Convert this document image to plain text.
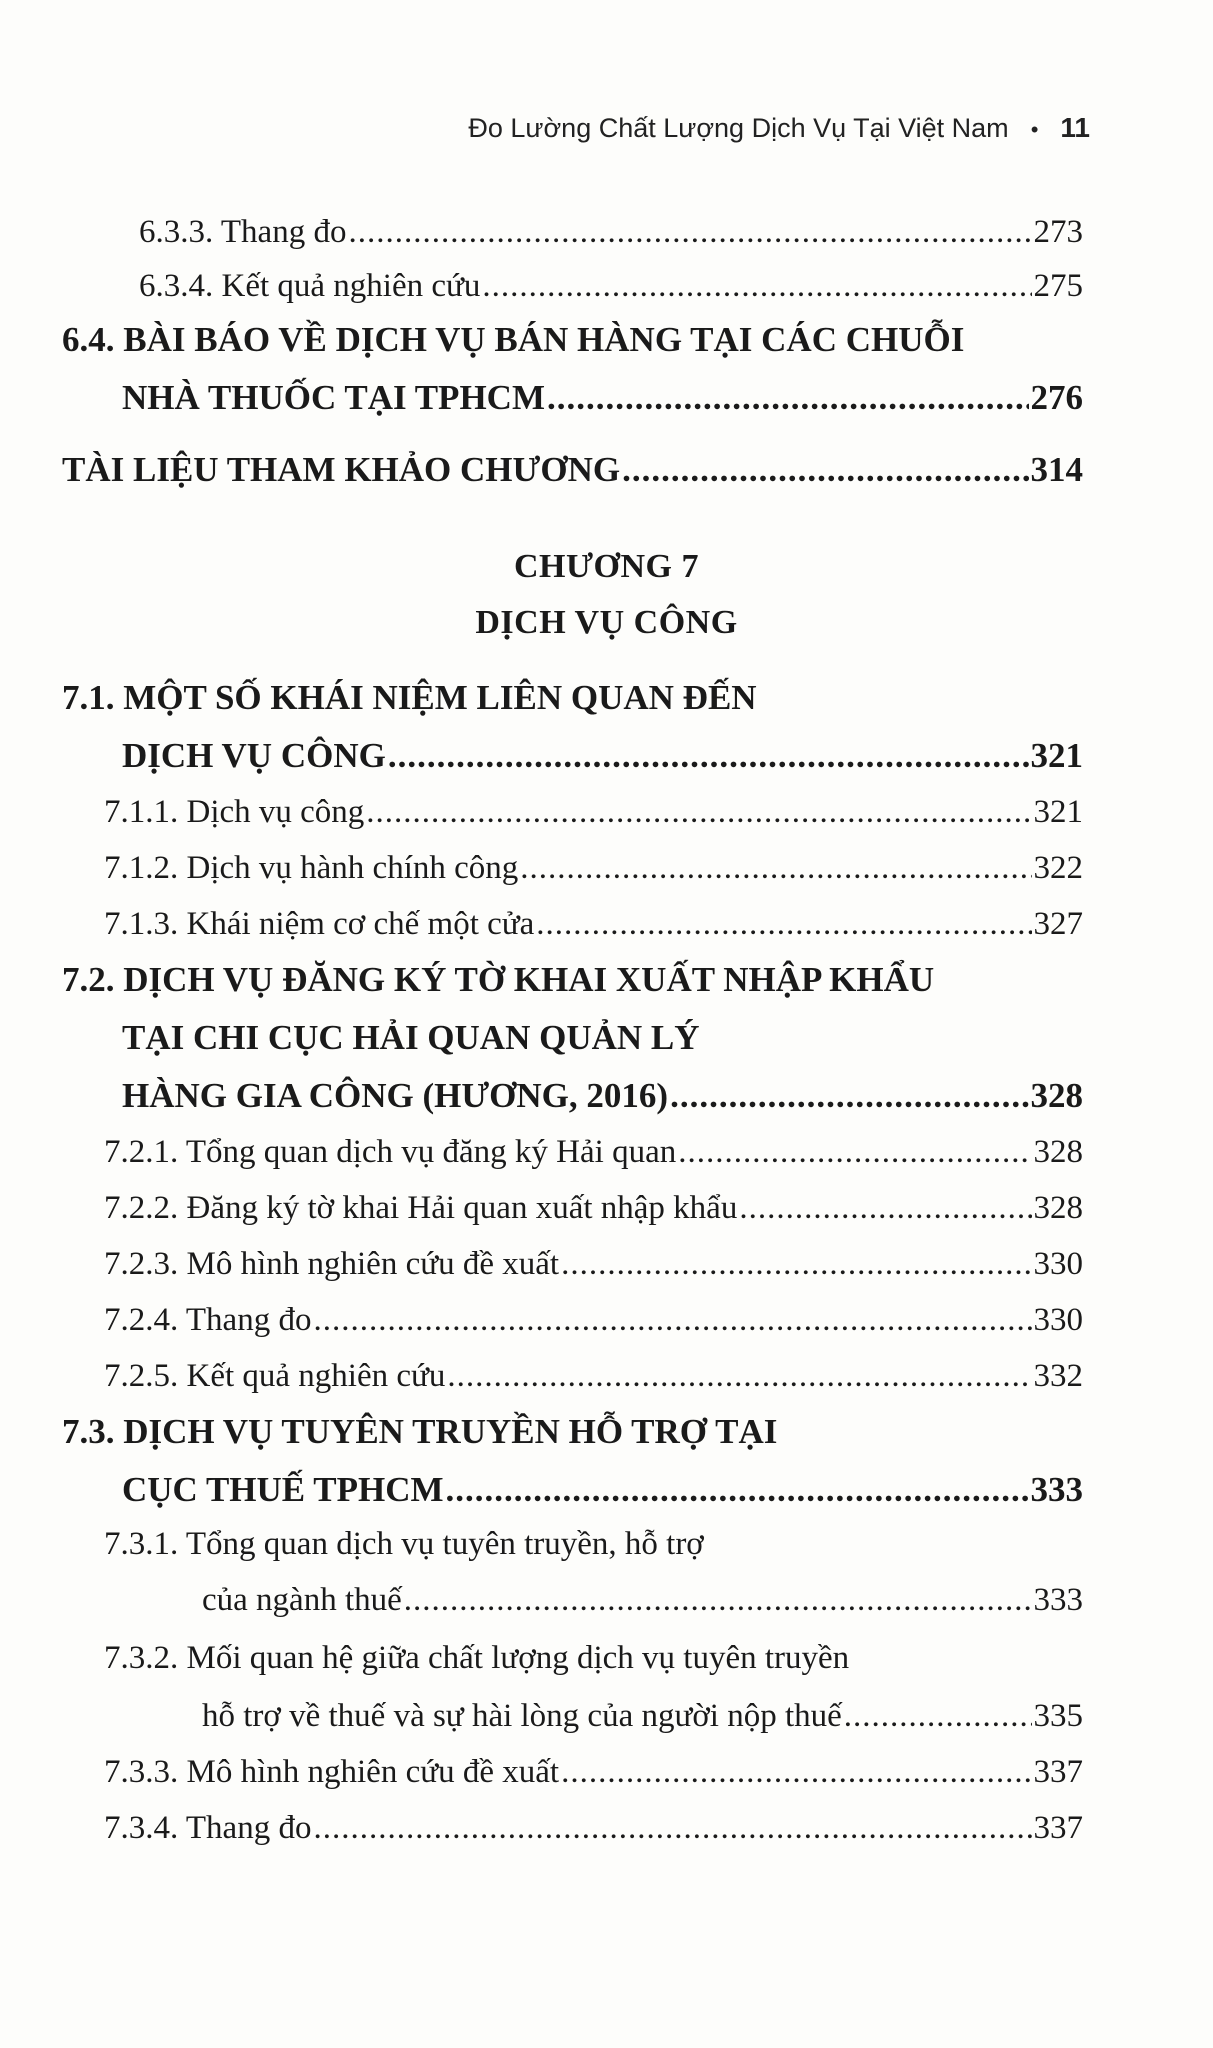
Đo Lường Chất Lượng Dịch Vụ Tại Việt Nam • 11
6.3.3. Thang đo .....	273
6.3.4. Kết quả nghiên cứu .....	275
6.4. BÀI BÁO VỀ DỊCH VỤ BÁN HÀNG TẠI CÁC CHUỖI
NHÀ THUỐC TẠI TPHCM .....	276
TÀI LIỆU THAM KHẢO CHƯƠNG .....	314
CHƯƠNG 7
DỊCH VỤ CÔNG
7.1. MỘT SỐ KHÁI NIỆM LIÊN QUAN ĐẾN
DỊCH VỤ CÔNG .....	321
7.1.1. Dịch vụ công .....	321
7.1.2. Dịch vụ hành chính công .....	322
7.1.3. Khái niệm cơ chế một cửa .....	327
7.2. DỊCH VỤ ĐĂNG KÝ TỜ KHAI XUẤT NHẬP KHẨU
TẠI CHI CỤC HẢI QUAN QUẢN LÝ
HÀNG GIA CÔNG (HƯƠNG, 2016) .....	328
7.2.1. Tổng quan dịch vụ đăng ký Hải quan .....	328
7.2.2. Đăng ký tờ khai Hải quan xuất nhập khẩu .....	328
7.2.3. Mô hình nghiên cứu đề xuất .....	330
7.2.4. Thang đo .....	330
7.2.5. Kết quả nghiên cứu .....	332
7.3. DỊCH VỤ TUYÊN TRUYỀN HỖ TRỢ TẠI
CỤC THUẾ TPHCM .....	333
7.3.1. Tổng quan dịch vụ tuyên truyền, hỗ trợ
của ngành thuế .....	333
7.3.2. Mối quan hệ giữa chất lượng dịch vụ tuyên truyền
hỗ trợ về thuế và sự hài lòng của người nộp thuế .....	335
7.3.3. Mô hình nghiên cứu đề xuất .....	337
7.3.4. Thang đo .....	337
